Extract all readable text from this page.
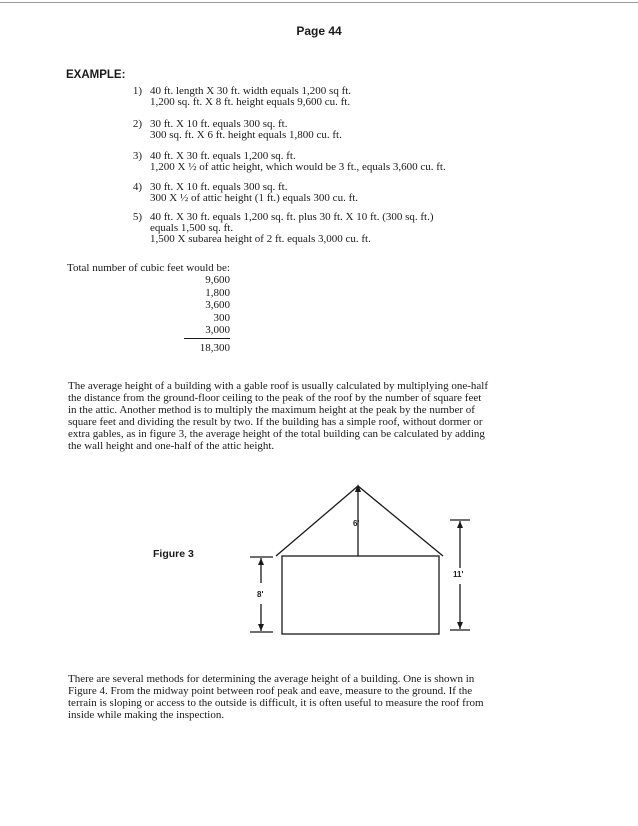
Page 44
EXAMPLE:
1) 40 ft. length X 30 ft. width equals 1,200 sq ft.
1,200 sq. ft. X 8 ft. height equals 9,600 cu. ft.
2) 30 ft. X 10 ft. equals 300 sq. ft.
300 sq. ft. X 6 ft. height equals 1,800 cu. ft.
3) 40 ft. X 30 ft. equals 1,200 sq. ft.
1,200 X ½ of attic height, which would be 3 ft., equals 3,600 cu. ft.
4) 30 ft. X 10 ft. equals 300 sq. ft.
300 X ½ of attic height (1 ft.) equals 300 cu. ft.
5) 40 ft. X 30 ft. equals 1,200 sq. ft. plus 30 ft. X 10 ft. (300 sq. ft.)
equals 1,500 sq. ft.
1,500 X subarea height of 2 ft. equals 3,000 cu. ft.
Total number of cubic feet would be:
9,600
1,800
3,600
300
3,000
18,300
The average height of a building with a gable roof is usually calculated by multiplying one-half
the distance from the ground-floor ceiling to the peak of the roof by the number of square feet
in the attic. Another method is to multiply the maximum height at the peak by the number of
square feet and dividing the result by two. If the building has a simple roof, without dormer or
extra gables, as in figure 3, the average height of the total building can be calculated by adding
the wall height and one-half of the attic height.
Figure 3
6'
8'
11'
There are several methods for determining the average height of a building. One is shown in
Figure 4. From the midway point between roof peak and eave, measure to the ground. If the
terrain is sloping or access to the outside is difficult, it is often useful to measure the roof from
inside while making the inspection.
